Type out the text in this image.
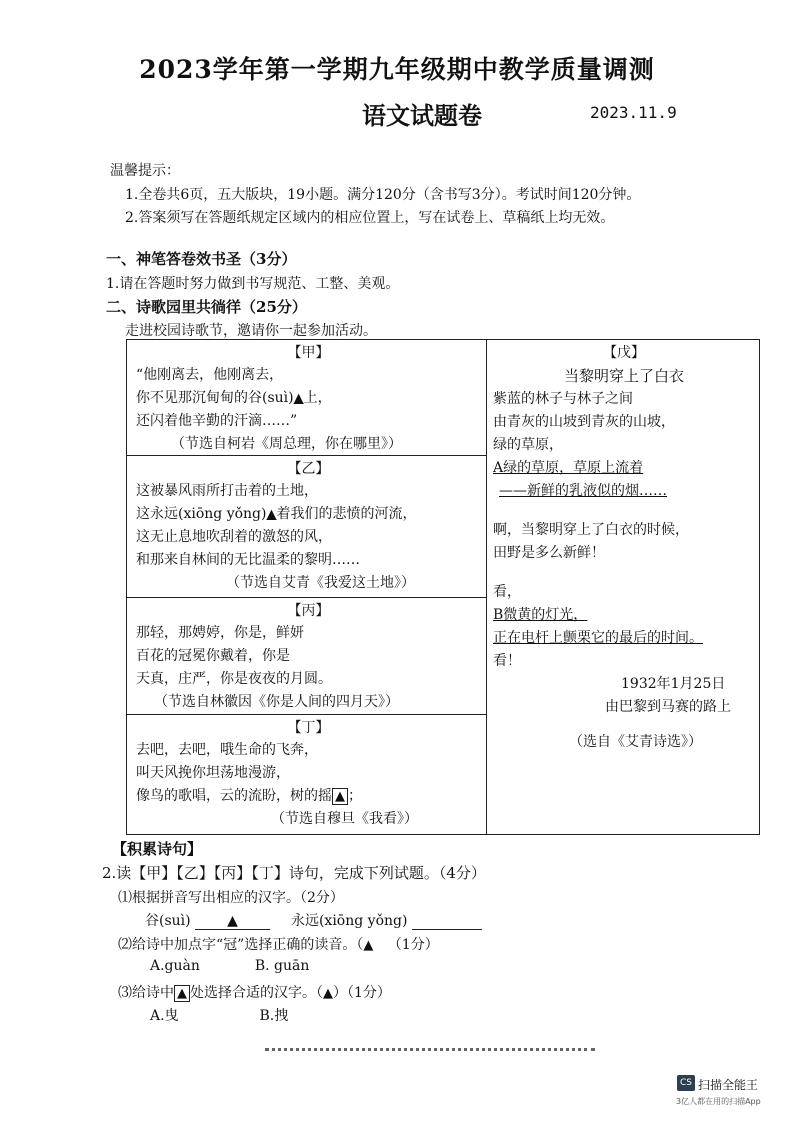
2023学年第一学期九年级期中教学质量调测
语文试题卷	2023.11.9
温馨提示：
1.全卷共6页，五大版块，19小题。满分120分（含书写3分）。考试时间120分钟。
2.答案须写在答题纸规定区域内的相应位置上，写在试卷上、草稿纸上均无效。
一、神笔答卷效书圣（3分）
1.请在答题时努力做到书写规范、工整、美观。
二、诗歌园里共徜徉（25分）
走进校园诗歌节，邀请你一起参加活动。
【甲】
“他刚离去，他刚离去，
你不见那沉甸甸的谷(suì)▲上，
还闪着他辛勤的汗滴……”
（节选自柯岩《周总理，你在哪里》）
【乙】
这被暴风雨所打击着的土地，
这永远(xiōng yǒng)▲着我们的悲愤的河流，
这无止息地吹刮着的激怒的风，
和那来自林间的无比温柔的黎明……
（节选自艾青《我爱这土地》）
【丙】
那轻，那娉婷，你是，鲜妍
百花的冠冕你戴着，你是
天真，庄严，你是夜夜的月圆。
（节选自林徽因《你是人间的四月天》）
【丁】
去吧，去吧，哦生命的飞奔，
叫天风挽你坦荡地漫游，
像鸟的歌唱，云的流盼，树的摇 ▲ ；
（节选自穆旦《我看》）
【戊】
当黎明穿上了白衣
紫蓝的林子与林子之间
由青灰的山坡到青灰的山坡，
绿的草原，
A绿的草原，草原上流着
——新鲜的乳液似的烟……
啊，当黎明穿上了白衣的时候，
田野是多么新鲜！
看，
B微黄的灯光，
正在电杆上颤栗它的最后的时间。
看！
1932年1月25日
由巴黎到马赛的路上
（选自《艾青诗选》）
【积累诗句】
2.读【甲】【乙】【丙】【丁】诗句，完成下列试题。（4分）
⑴根据拼音写出相应的汉字。（2分）
谷(suì)	▲	永远(xiōng yǒng)
⑵给诗中加点字“冠”选择正确的读音。（▲ （1分）
A.guàn	B. guān
⑶给诗中 ▲ 处选择合适的汉字。（▲）（1分）
A.曳	B.拽
CS 扫描全能王
3亿人都在用的扫描App
